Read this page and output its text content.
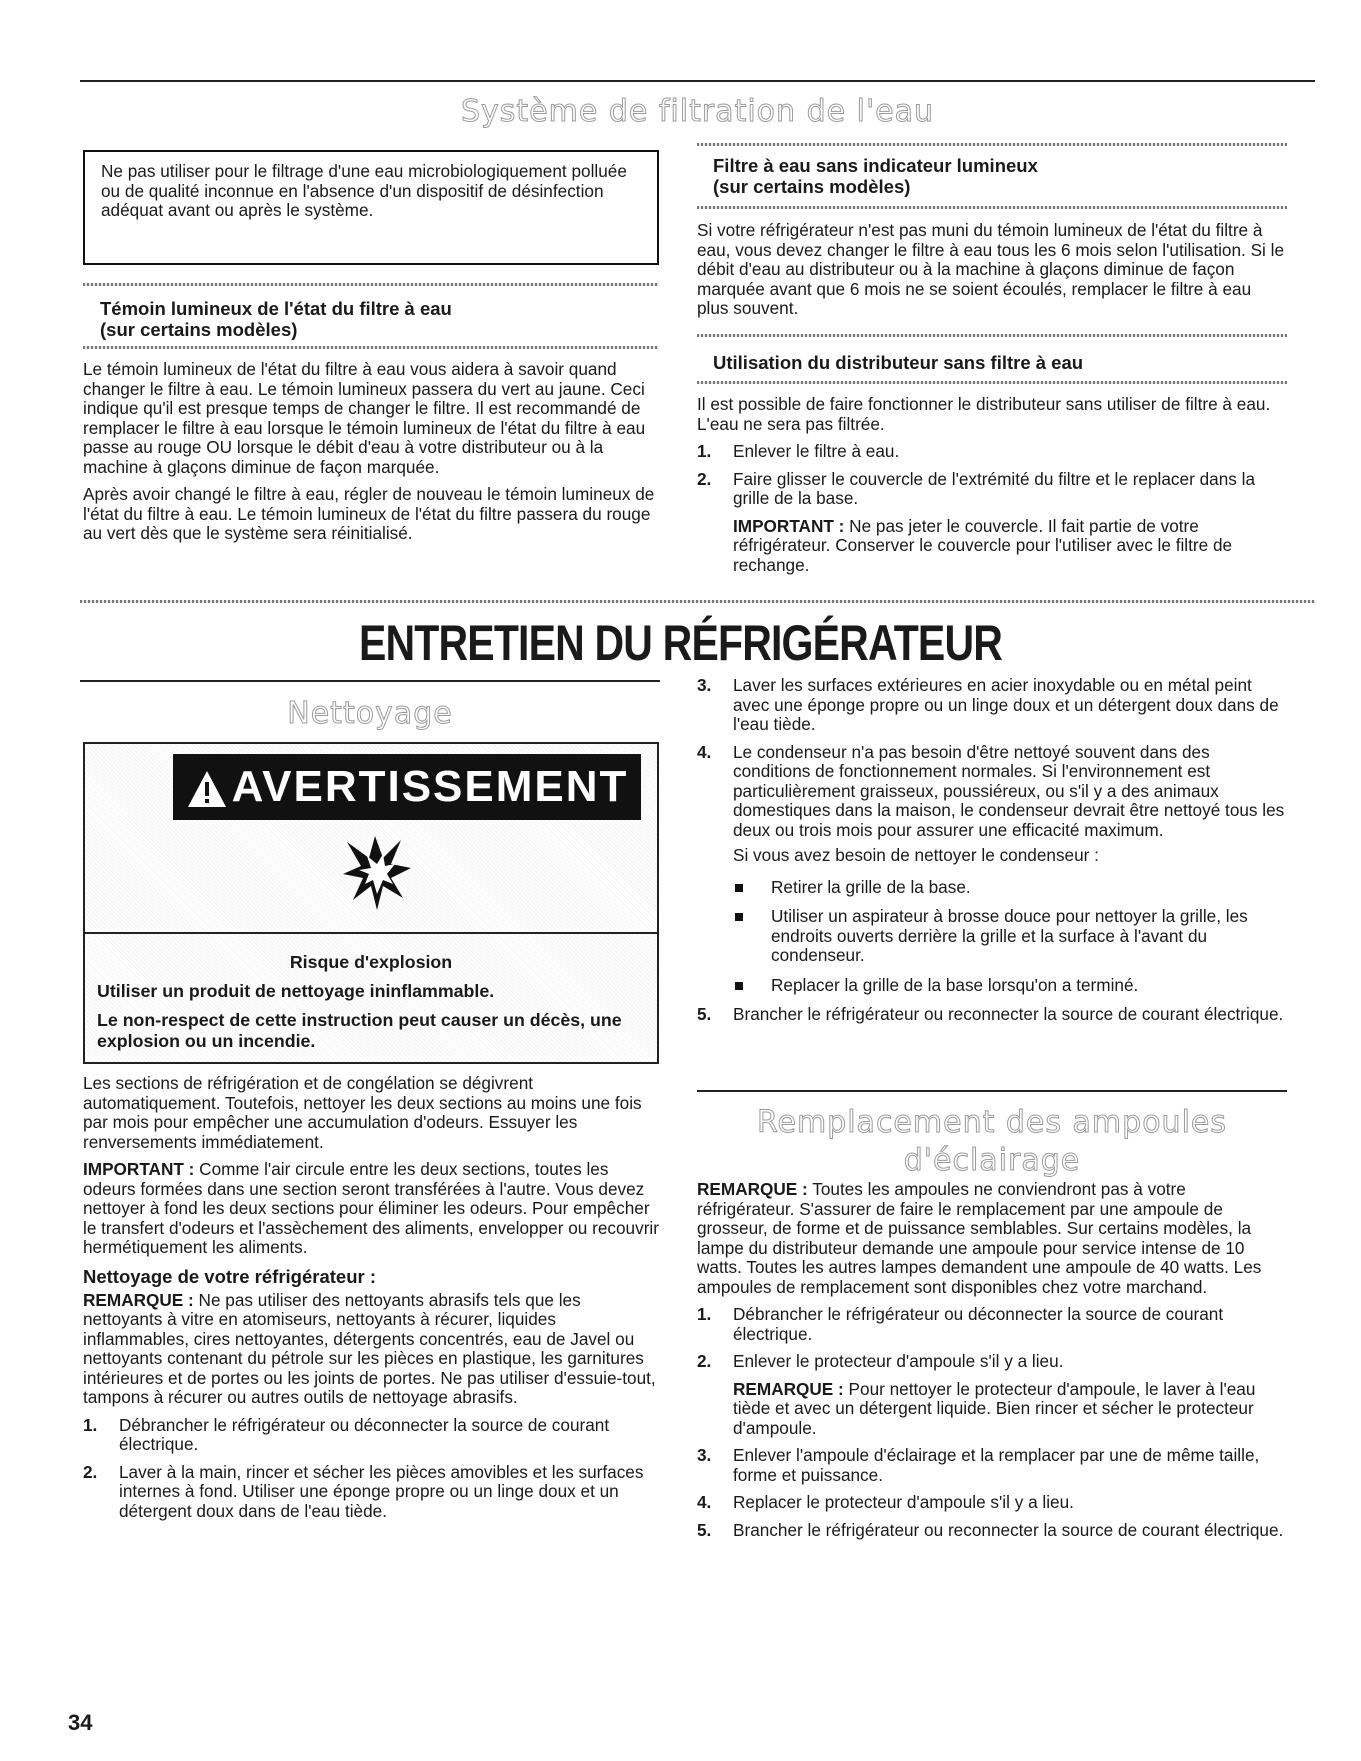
Système de filtration de l'eau
Ne pas utiliser pour le filtrage d'une eau microbiologiquement polluée ou de qualité inconnue en l'absence d'un dispositif de désinfection adéquat avant ou après le système.

Témoin lumineux de l'état du filtre à eau

(sur certains modèles)

Le témoin lumineux de l'état du filtre à eau vous aidera à savoir quand changer le filtre à eau. Le témoin lumineux passera du vert au jaune. Ceci indique qu'il est presque temps de changer le filtre. Il est recommandé de remplacer le filtre à eau lorsque le témoin lumineux de l'état du filtre à eau passe au rouge OU lorsque le débit d'eau à votre distributeur ou à la machine à glaçons diminue de façon marquée.

Après avoir changé le filtre à eau, régler de nouveau le témoin lumineux de l'état du filtre à eau. Le témoin lumineux de l'état du filtre passera du rouge au vert dès que le système sera réinitialisé.

Filtre à eau sans indicateur lumineux

(sur certains modèles)

Si votre réfrigérateur n'est pas muni du témoin lumineux de l'état du filtre à eau, vous devez changer le filtre à eau tous les 6 mois selon l'utilisation. Si le débit d'eau au distributeur ou à la machine à glaçons diminue de façon marquée avant que 6 mois ne se soient écoulés, remplacer le filtre à eau plus souvent.

Utilisation du distributeur sans filtre à eau

Il est possible de faire fonctionner le distributeur sans utiliser de filtre à eau. L'eau ne sera pas filtrée.

1. Enlever le filtre à eau.
2. Faire glisser le couvercle de l'extrémité du filtre et le replacer dans la grille de la base.
IMPORTANT : Ne pas jeter le couvercle. Il fait partie de votre réfrigérateur. Conserver le couvercle pour l'utiliser avec le filtre de rechange.
ENTRETIEN DU RÉFRIGÉRATEUR
Nettoyage
AVERTISSEMENT

Risque d'explosion

Utiliser un produit de nettoyage ininflammable.

Le non-respect de cette instruction peut causer un décès, une explosion ou un incendie.

Les sections de réfrigération et de congélation se dégivrent automatiquement. Toutefois, nettoyer les deux sections au moins une fois par mois pour empêcher une accumulation d'odeurs. Essuyer les renversements immédiatement.

IMPORTANT : Comme l'air circule entre les deux sections, toutes les odeurs formées dans une section seront transférées à l'autre. Vous devez nettoyer à fond les deux sections pour éliminer les odeurs. Pour empêcher le transfert d'odeurs et l'assèchement des aliments, envelopper ou recouvrir hermétiquement les aliments.

Nettoyage de votre réfrigérateur :

REMARQUE : Ne pas utiliser des nettoyants abrasifs tels que les nettoyants à vitre en atomiseurs, nettoyants à récurer, liquides inflammables, cires nettoyantes, détergents concentrés, eau de Javel ou nettoyants contenant du pétrole sur les pièces en plastique, les garnitures intérieures et de portes ou les joints de portes. Ne pas utiliser d'essuie-tout, tampons à récurer ou autres outils de nettoyage abrasifs.

1. Débrancher le réfrigérateur ou déconnecter la source de courant électrique.
2. Laver à la main, rincer et sécher les pièces amovibles et les surfaces internes à fond. Utiliser une éponge propre ou un linge doux et un détergent doux dans de l'eau tiède.
3. Laver les surfaces extérieures en acier inoxydable ou en métal peint avec une éponge propre ou un linge doux et un détergent doux dans de l'eau tiède.
4. Le condenseur n'a pas besoin d'être nettoyé souvent dans des conditions de fonctionnement normales. Si l'environnement est particulièrement graisseux, poussiéreux, ou s'il y a des animaux domestiques dans la maison, le condenseur devrait être nettoyé tous les deux ou trois mois pour assurer une efficacité maximum.
Si vous avez besoin de nettoyer le condenseur :
Retirer la grille de la base.
Utiliser un aspirateur à brosse douce pour nettoyer la grille, les endroits ouverts derrière la grille et la surface à l'avant du condenseur.
Replacer la grille de la base lorsqu'on a terminé.
5. Brancher le réfrigérateur ou reconnecter la source de courant électrique.
Remplacement des ampoules
d'éclairage

REMARQUE : Toutes les ampoules ne conviendront pas à votre réfrigérateur. S'assurer de faire le remplacement par une ampoule de grosseur, de forme et de puissance semblables. Sur certains modèles, la lampe du distributeur demande une ampoule pour service intense de 10 watts. Toutes les autres lampes demandent une ampoule de 40 watts. Les ampoules de remplacement sont disponibles chez votre marchand.

1. Débrancher le réfrigérateur ou déconnecter la source de courant électrique.
2. Enlever le protecteur d'ampoule s'il y a lieu.
REMARQUE : Pour nettoyer le protecteur d'ampoule, le laver à l'eau tiède et avec un détergent liquide. Bien rincer et sécher le protecteur d'ampoule.
3. Enlever l'ampoule d'éclairage et la remplacer par une de même taille, forme et puissance.
4. Replacer le protecteur d'ampoule s'il y a lieu.
5. Brancher le réfrigérateur ou reconnecter la source de courant électrique.
34
